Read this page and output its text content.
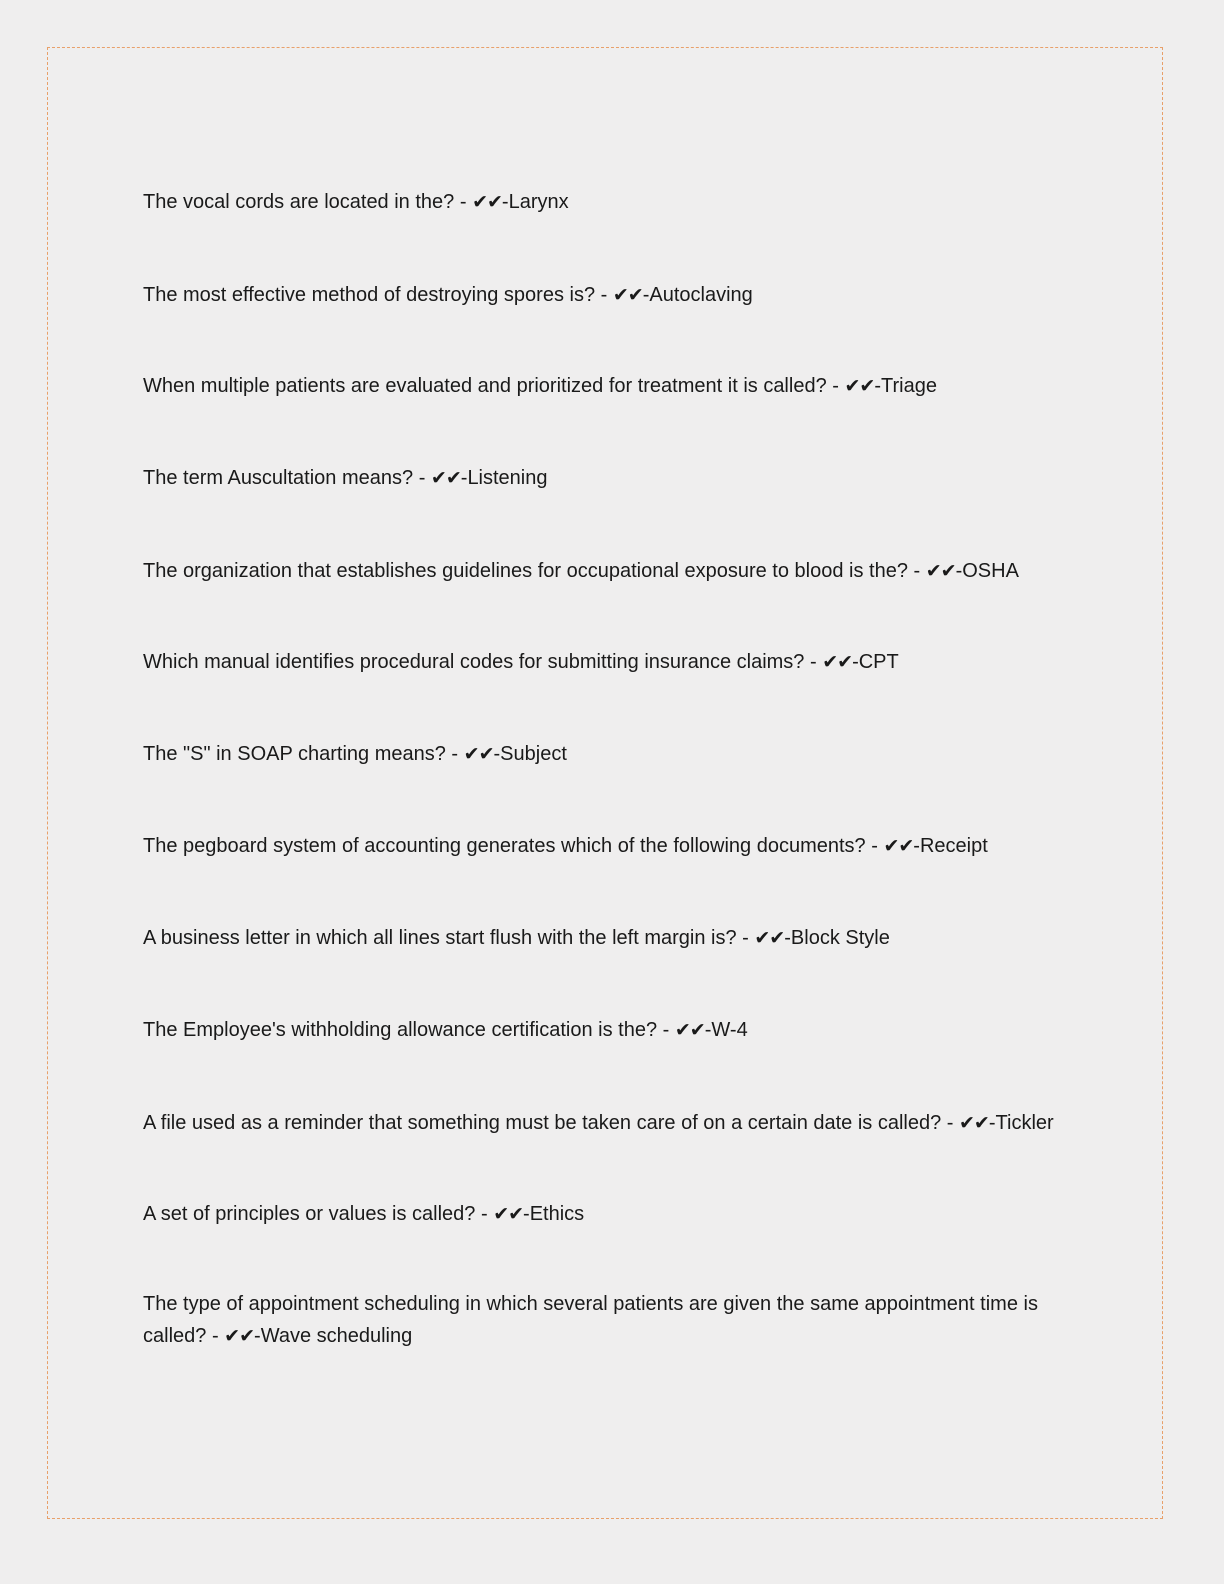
The vocal cords are located in the? - ✔✔-Larynx
The most effective method of destroying spores is? - ✔✔-Autoclaving
When multiple patients are evaluated and prioritized for treatment it is called? - ✔✔-Triage
The term Auscultation means? - ✔✔-Listening
The organization that establishes guidelines for occupational exposure to blood is the? - ✔✔-OSHA
Which manual identifies procedural codes for submitting insurance claims? - ✔✔-CPT
The "S" in SOAP charting means? - ✔✔-Subject
The pegboard system of accounting generates which of the following documents? - ✔✔-Receipt
A business letter in which all lines start flush with the left margin is? - ✔✔-Block Style
The Employee's withholding allowance certification is the? - ✔✔-W-4
A file used as a reminder that something must be taken care of on a certain date is called? - ✔✔-Tickler
A set of principles or values is called? - ✔✔-Ethics
The type of appointment scheduling in which several patients are given the same appointment time is called? - ✔✔-Wave scheduling
